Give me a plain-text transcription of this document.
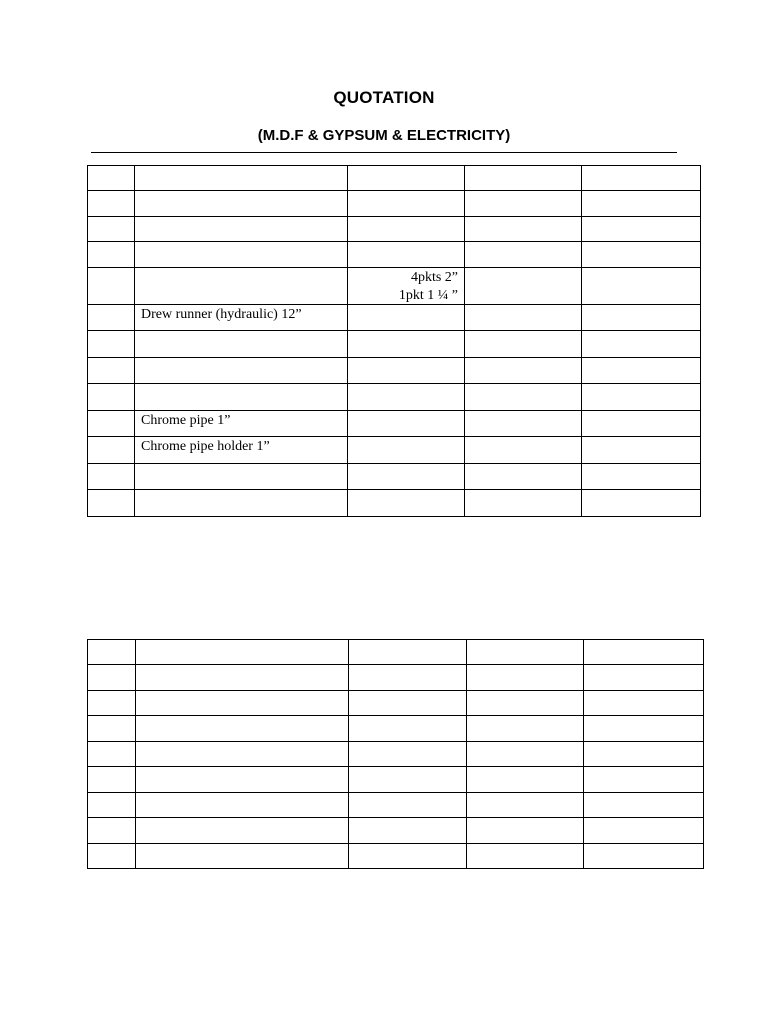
QUOTATION
(M.D.F & GYPSUM & ELECTRICITY)

		4pkts 2”
1pkt 1 ¼ ”		

	Drew runner (hydraulic) 12”			

	Chrome pipe 1”			

	Chrome pipe holder 1”			
